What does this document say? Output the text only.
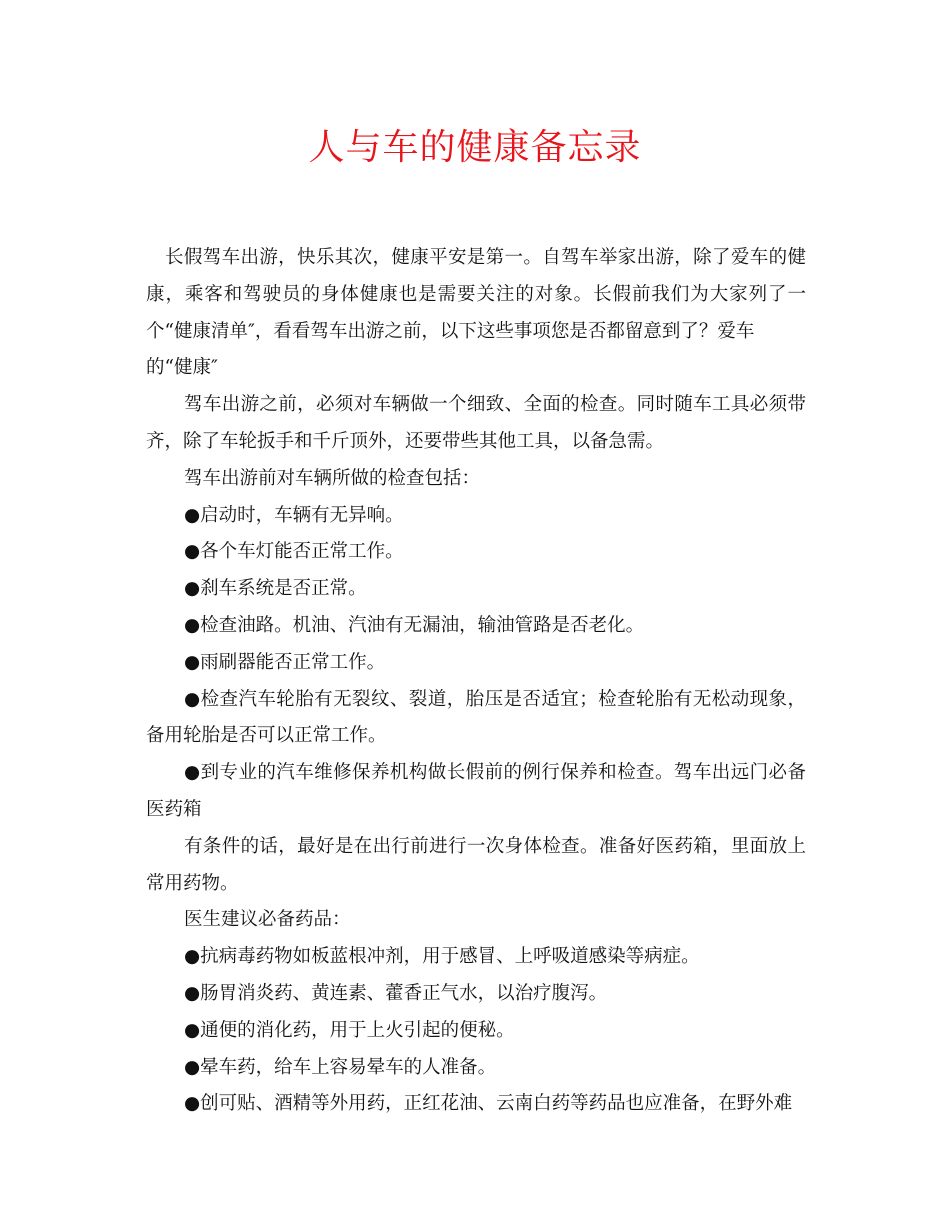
人与车的健康备忘录

长假驾车出游，快乐其次，健康平安是第一。自驾车举家出游，除了爱车的健康，乘客和驾驶员的身体健康也是需要关注的对象。长假前我们为大家列了一个“健康清单″，看看驾车出游之前，以下这些事项您是否都留意到了？爱车

的“健康″

驾车出游之前，必须对车辆做一个细致、全面的检查。同时随车工具必须带齐，除了车轮扳手和千斤顶外，还要带些其他工具，以备急需。

驾车出游前对车辆所做的检查包括：

●启动时，车辆有无异响。

●各个车灯能否正常工作。

●刹车系统是否正常。

●检查油路。机油、汽油有无漏油，输油管路是否老化。

●雨刷器能否正常工作。

●检查汽车轮胎有无裂纹、裂道，胎压是否适宜；检查轮胎有无松动现象，备用轮胎是否可以正常工作。

●到专业的汽车维修保养机构做长假前的例行保养和检查。驾车出远门必备医药箱

有条件的话，最好是在出行前进行一次身体检查。准备好医药箱，里面放上常用药物。

医生建议必备药品：

●抗病毒药物如板蓝根冲剂，用于感冒、上呼吸道感染等病症。

●肠胃消炎药、黄连素、藿香正气水，以治疗腹泻。

●通便的消化药，用于上火引起的便秘。

●晕车药，给车上容易晕车的人准备。

●创可贴、酒精等外用药，正红花油、云南白药等药品也应准备，在野外难
